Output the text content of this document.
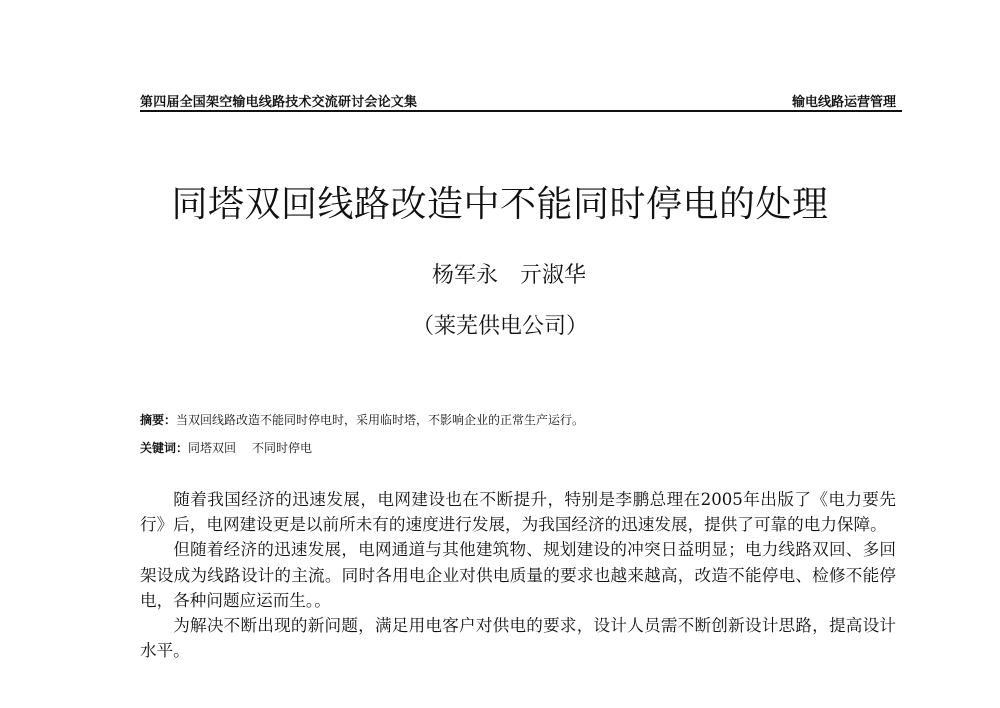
第四届全国架空输电线路技术交流研讨会论文集	输电线路运营管理
同塔双回线路改造中不能同时停电的处理
杨军永 亓淑华
（莱芜供电公司）
摘要：当双回线路改造不能同时停电时，采用临时塔，不影响企业的正常生产运行。
关键词：同塔双回 不同时停电

随着我国经济的迅速发展，电网建设也在不断提升，特别是李鹏总理在2005年出版了《电力要先行》后，电网建设更是以前所未有的速度进行发展，为我国经济的迅速发展，提供了可靠的电力保障。

但随着经济的迅速发展，电网通道与其他建筑物、规划建设的冲突日益明显；电力线路双回、多回架设成为线路设计的主流。同时各用电企业对供电质量的要求也越来越高，改造不能停电、检修不能停电，各种问题应运而生。。

为解决不断出现的新问题，满足用电客户对供电的要求，设计人员需不断创新设计思路，提高设计水平。
